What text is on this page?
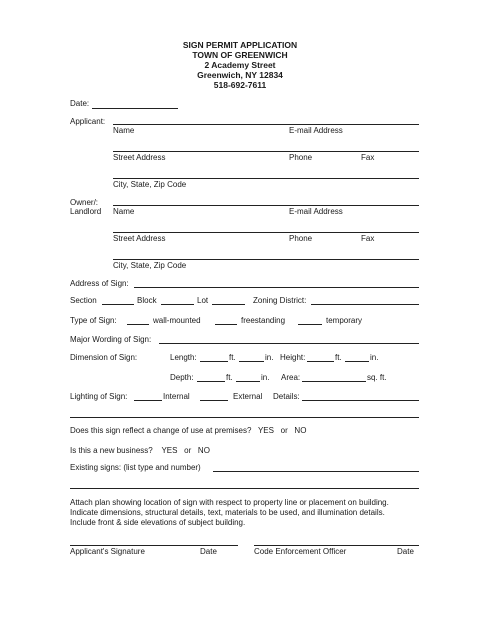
SIGN PERMIT APPLICATION
TOWN OF GREENWICH
2 Academy Street
Greenwich, NY 12834
518-692-7611
Date:
Applicant:
Name	E-mail Address
Street Address	Phone	Fax
City, State, Zip Code
Owner/:
Landlord Name	E-mail Address
Street Address	Phone	Fax
City, State, Zip Code
Address of Sign:
Section	Block	Lot	Zoning District:
Type of Sign:	wall-mounted	freestanding	temporary
Major Wording of Sign:
Dimension of Sign:	Length:	ft.	in. Height:	ft.	in.
Depth:	ft.	in. Area:	sq. ft.
Lighting of Sign:	Internal	External Details:
Does this sign reflect a change of use at premises?   YES   or   NO
Is this a new business?    YES   or   NO
Existing signs: (list type and number)
Attach plan showing location of sign with respect to property line or placement on building.
Indicate dimensions, structural details, text, materials to be used, and illumination details.
Include front & side elevations of subject building.
Applicant's Signature	Date	Code Enforcement Officer	Date
